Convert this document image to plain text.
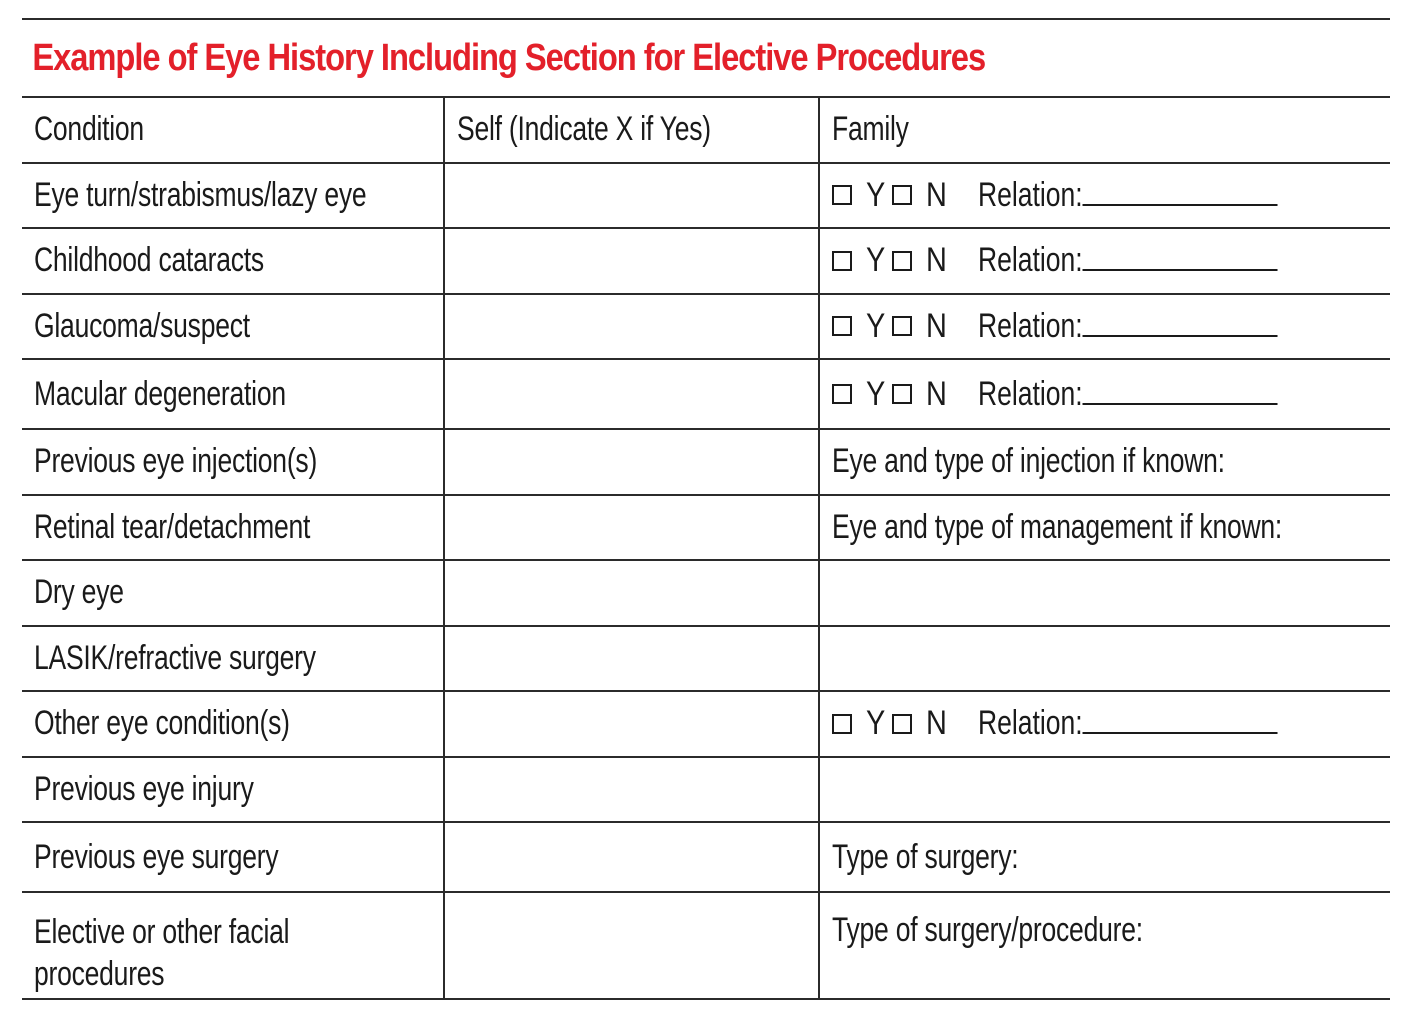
Example of Eye History Including Section for Elective Procedures
Condition	Self (Indicate X if Yes)	Family
Eye turn/strabismus/lazy eye		Y N Relation:

Childhood cataracts		Y N Relation:

Glaucoma/suspect		Y N Relation:

Macular degeneration		Y N Relation:

Previous eye injection(s)		Eye and type of injection if known:
Retinal tear/detachment		Eye and type of management if known:
Dry eye		
LASIK/refractive surgery		
Other eye condition(s)		Y N Relation:

Previous eye injury		
Previous eye surgery		Type of surgery:
Elective or other facial procedures		Type of surgery/procedure:
